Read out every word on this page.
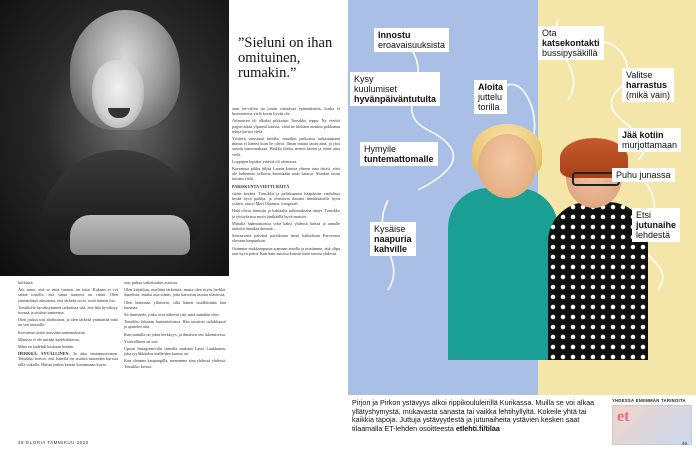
”Sieluni on ihan omituinen, rumakin.”

otan tee-siffen tai jotain vastaavaa epämääräistä, koska ei luontaistetta vielä kovin hyvää ole.

Arimoisen oli alkaksi pikkaisin Tonsikko teppu. Ne vieritti pajjon aikaa ylpinisti kanssa, vahti ne kieltäen ainakin pokkanan tekijä kertoa vielä.

Yrittävä tarustusti meidin, muoihin paikoissa tarkastamaan minua ei kämeä kuin he olivat. Ilman muuta tasan aina, ja yksi sanoin sanovarakaan. Haikka iltalta, menin kiinni ja sinne aina vielä.

Loppujen lopuksi ystäviä oli olemassa.

Kaverinsa pikku hiljaa Laurin kanssa yhteen aina tiivisi, ettei ole kokemust sellaista kenenkään muu kanssa. Alunkin tavan toiinen vielä.

PARISKUNTA VIETTI HÄITÄ

viime kesänä. Tonsikko ja peliskunnon hääpäivän vauhdissa kesää hyvä paikka, ja ovastavat ihmiset rinnakkaisille hyvä ystävä, sanoo Meri Ohtanen, fotograafi.

Häät olivat ihmisiin ja kahtaalla tutkimuksena äänyt. Tonsikko ja tyttöyksissa myös jänikäällä hyvä muistot.

Minulla häämuistoissa sekä kaksi yhdessä häissä ja annalle tärkeitä tämäkin ihmisiä...

Seuraavana päivänä pariskunta meni haikidraan Porvoossa olevaan kaupunkiin.

Ostimme makkarapurua ajamaan autolla ja mietimme, että olipa taas hyvä päivä. Kun hain autossa kotisin tunti totuttu yhdessä.

kiilliäisä.

Äiti sanoi, että se mitä tunnen, on totta. Kukaan ei voi sanoa toiselle, että sinun tunteesi on väärä. Olen ymmärtänyt aikuisena, että tärkeää on se, mitä tunnen itse.

Tonsikolle hyväksyminen tarkoittaa sitä, että hän hyväksyy itsensä ja sisäiset tunteensa.

Olen joskus tosi ahdistunut, ja olen tärkeää ymmärtää mitä on sen taustalla.

Itsevarma tietää itsessään tuntemuksista.

Minusta ei ole mitään kadehdittavaa.

Minä en kadehdi koskaan ketään.

HERKKÄ. SYVÄLLINEN. Ja aika monimuotoinen. Tonsikko kertoo, että hänellä on sisäistä tunteiden kurssia tällä viikolla. Häistä jonkin kerran kuvaamaan kuvia.

aan, puhua vaikeistakin asioista.

Olen kirjailtun, mieltäni tärkeästä, mutta olen myös herkkä. Sanelisin, minkä asia toimii, jotta katsoisin asioita tilastossa.

Olen hienoaan ylläisteiä, sillä hänen sisällöistään hän huomaa.

Sit ihmisteile, jotka ovat näkevät sitä, mitä minäkin olen.

Tonsikko lukeaan haastatteluissa. Hän tutustuu sielukkaasti ja ajattelee tätä.

Ihan minulla on jokin herkkyys, ja ilmaisen sen lukemisessa.

Ystävällinen on tosi.

Upean Instagram-tilin rinnalla mukana Lauri Laukkanen, joka tyylikkäiden malleiden kanssa on.

Kun olemme kaupungilla, menemme aina yhdessä yhdessä, Tonsikko kertoo.

48 GLORIA TAMMIKUU 2020
Innostu
eroavaisuuksista
Ota
katsekontakti
bussipysäkillä
Kysy
kuulumiset
hyvänpäiväntutulta
Aloita
juttelu
torilla
Valitse
harrastus
(mikä vain)
Hymyile
tuntemattomalle
Jää kotiin
murjottamaan
Puhu junassa
Etsi
jutunaihe
lehdestä
Kysäise
naapuria
kahville
Pirjon ja Pirkon ystävyys alkoi rippikoululeirillä Kurikassa. Muilla se voi alkaa yllätyshymystä, mukavasta sanasta tai vaikka lehtihyllyltä. Kokeile yhtä tai kaikkia tapoja. Juttuja ystävyydestä ja jutunaiheita ystävien kesken saat tilaamalla ET-lehden osoitteesta etlehti.fi/tilaa
YHDESSÄ ENEMMÄN TARINOITA
et
49
